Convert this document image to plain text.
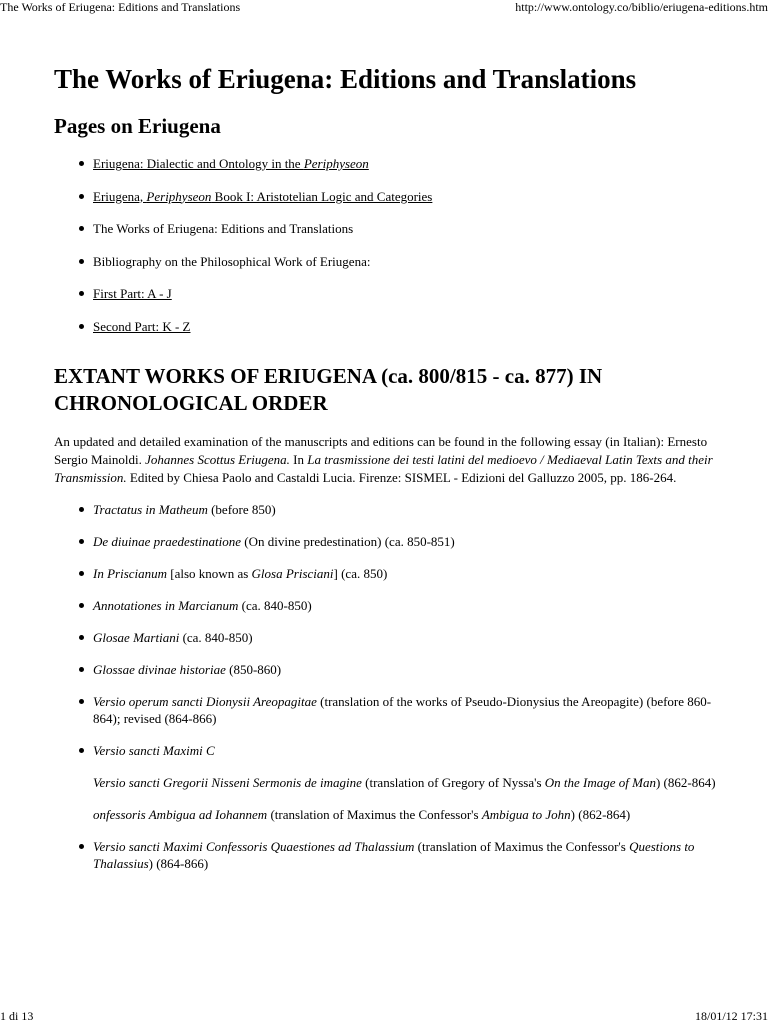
The Works of Eriugena: Editions and Translations	http://www.ontology.co/biblio/eriugena-editions.htm
The Works of Eriugena: Editions and Translations
Pages on Eriugena
Eriugena: Dialectic and Ontology in the Periphyseon
Eriugena, Periphyseon Book I: Aristotelian Logic and Categories
The Works of Eriugena: Editions and Translations
Bibliography on the Philosophical Work of Eriugena:
First Part: A - J
Second Part: K - Z
EXTANT WORKS OF ERIUGENA (ca. 800/815 - ca. 877) IN CHRONOLOGICAL ORDER

An updated and detailed examination of the manuscripts and editions can be found in the following essay (in Italian): Ernesto Sergio Mainoldi. Johannes Scottus Eriugena. In La trasmissione dei testi latini del medioevo / Mediaeval Latin Texts and their Transmission. Edited by Chiesa Paolo and Castaldi Lucia. Firenze: SISMEL - Edizioni del Galluzzo 2005, pp. 186-264.

Tractatus in Matheum (before 850)
De diuinae praedestinatione (On divine predestination) (ca. 850-851)
In Priscianum [also known as Glosa Prisciani] (ca. 850)
Annotationes in Marcianum (ca. 840-850)
Glosae Martiani (ca. 840-850)
Glossae divinae historiae (850-860)
Versio operum sancti Dionysii Areopagitae (translation of the works of Pseudo-Dionysius the Areopagite) (before 860-864); revised (864-866)
Versio sancti Maximi C
Versio sancti Gregorii Nisseni Sermonis de imagine (translation of Gregory of Nyssa's On the Image of Man) (862-864)
onfessoris Ambigua ad Iohannem (translation of Maximus the Confessor's Ambigua to John) (862-864)
Versio sancti Maximi Confessoris Quaestiones ad Thalassium (translation of Maximus the Confessor's Questions to Thalassius) (864-866)
1 di 13	18/01/12 17:31
